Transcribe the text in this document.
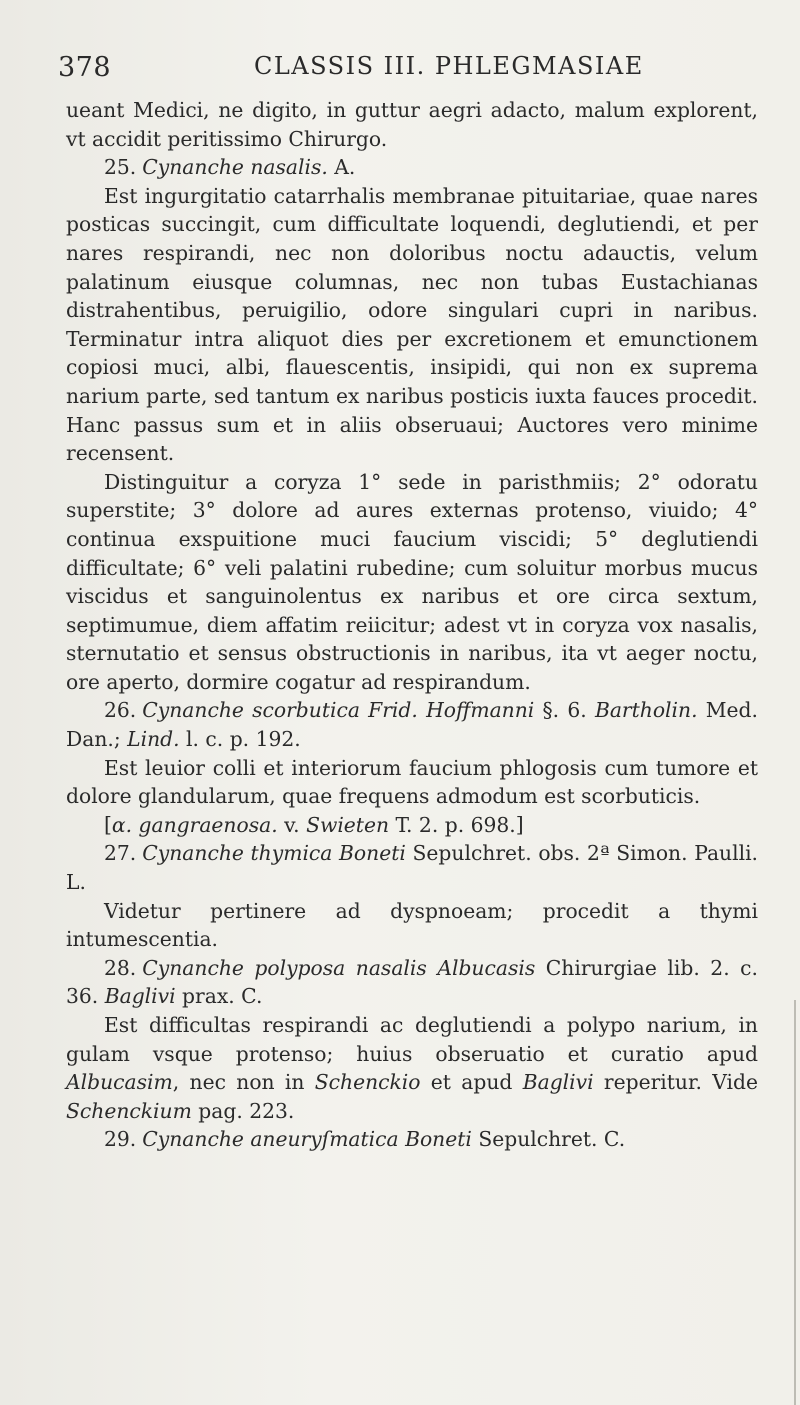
378	CLASSIS III. PHLEGMASIAE

ueant Medici, ne digito, in guttur aegri adacto, malum explorent, vt accidit peritissimo Chirurgo.

25. Cynanche nasalis. A.

Est ingurgitatio catarrhalis membranae pituitariae, quae nares posticas succingit, cum difficultate loquendi, deglutiendi, et per nares respirandi, nec non doloribus noctu adauctis, velum palatinum eiusque columnas, nec non tubas Eustachianas distrahentibus, peruigilio, odore singulari cupri in naribus. Terminatur intra aliquot dies per excretionem et emunctionem copiosi muci, albi, flauescentis, insipidi, qui non ex suprema narium parte, sed tantum ex naribus posticis iuxta fauces procedit. Hanc passus sum et in aliis obseruaui; Auctores vero minime recensent.

Distinguitur a coryza 1° sede in paristhmiis; 2° odoratu superstite; 3° dolore ad aures externas protenso, viuido; 4° continua exspuitione muci faucium viscidi; 5° deglutiendi difficultate; 6° veli palatini rubedine; cum soluitur morbus mucus viscidus et sanguinolentus ex naribus et ore circa sextum, septimumue, diem affatim reiicitur; adest vt in coryza vox nasalis, sternutatio et sensus obstructionis in naribus, ita vt aeger noctu, ore aperto, dormire cogatur ad respirandum.

26. Cynanche scorbutica Frid. Hoffmanni §. 6. Bartholin. Med. Dan.; Lind. l. c. p. 192.

Est leuior colli et interiorum faucium phlogosis cum tumore et dolore glandularum, quae frequens admodum est scorbuticis.

[α. gangraenosa. v. Swieten T. 2. p. 698.]

27. Cynanche thymica Boneti Sepulchret. obs. 2ª Simon. Paulli. L.

Videtur pertinere ad dyspnoeam; procedit a thymi intumescentia.

28. Cynanche polyposa nasalis Albucasis Chirurgiae lib. 2. c. 36. Baglivi prax. C.

Est difficultas respirandi ac deglutiendi a polypo narium, in gulam vsque protenso; huius obseruatio et curatio apud Albucasim, nec non in Schenckio et apud Baglivi reperitur. Vide Schenckium pag. 223.

29. Cynanche aneuryſmatica Boneti Sepulchret. C.
